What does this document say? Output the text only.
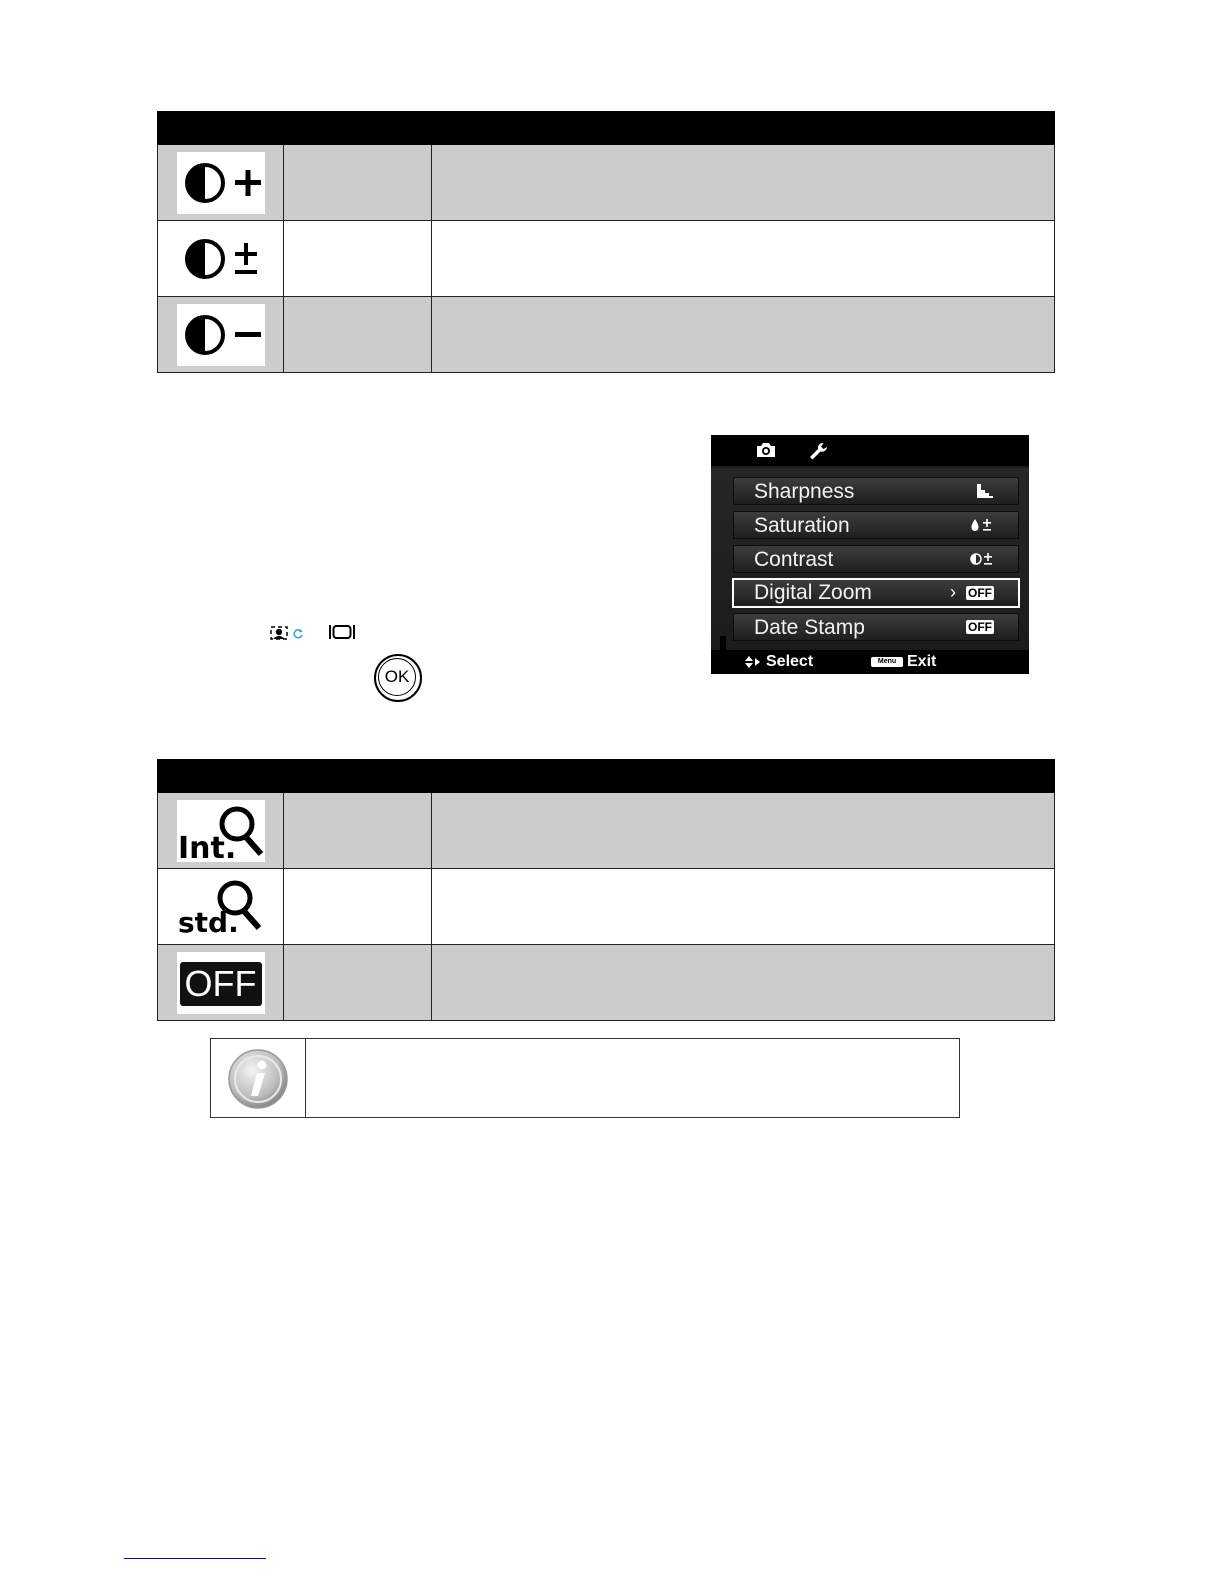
OK
Sharpness
Saturation
Contrast
Digital Zoom	› OFF
Date Stamp	OFF
Select	Menu Exit

Int.		

std.		

OFF		
